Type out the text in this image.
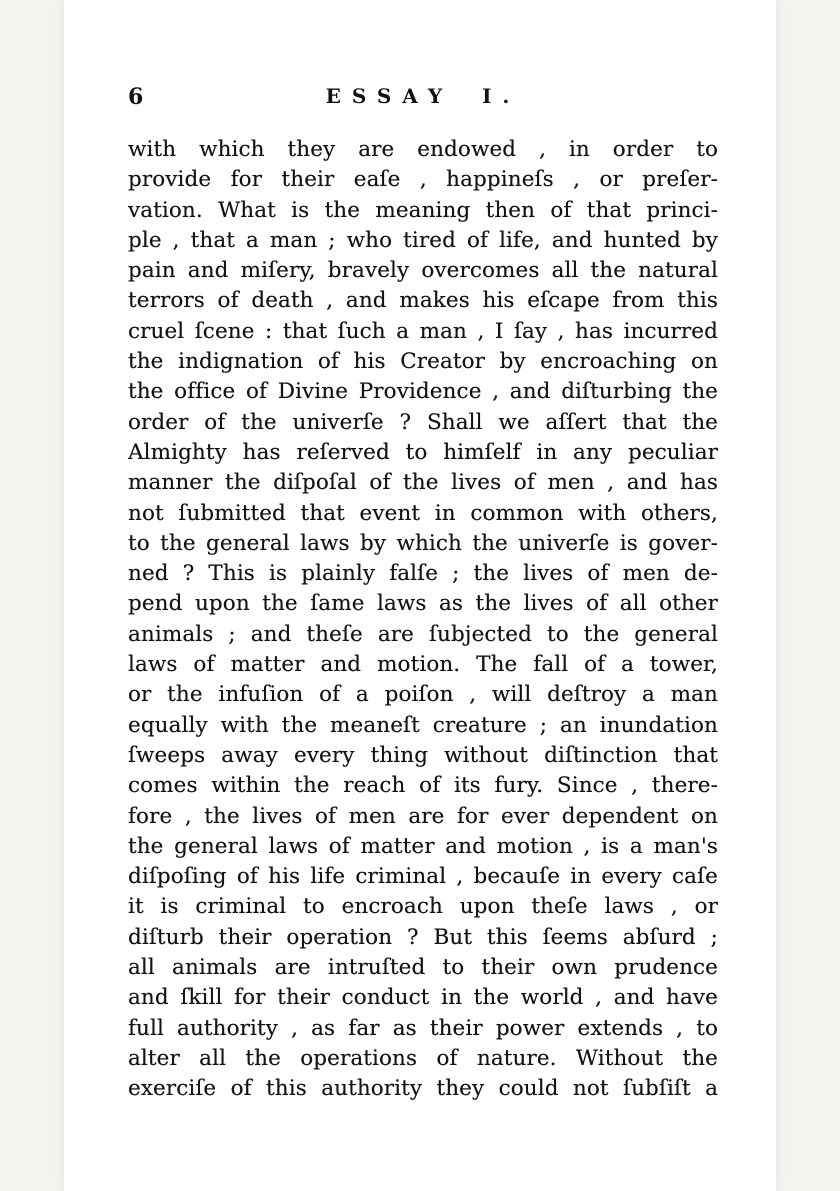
6	ESSAY I.
with which they are endowed , in order to
provide for their eaſe , happineſs , or preſer-
vation. What is the meaning then of that princi-
ple , that a man ; who tired of life, and hunted by
pain and miſery, bravely overcomes all the natural
terrors of death , and makes his eſcape from this
cruel ſcene : that ſuch a man , I ſay , has incurred
the indignation of his Creator by encroaching on
the office of Divine Providence , and diſturbing the
order of the univerſe ? Shall we aſſert that the
Almighty has reſerved to himſelf in any peculiar
manner the diſpoſal of the lives of men , and has
not ſubmitted that event in common with others,
to the general laws by which the univerſe is gover-
ned ? This is plainly falſe ; the lives of men de-
pend upon the ſame laws as the lives of all other
animals ; and theſe are ſubjected to the general
laws of matter and motion. The fall of a tower,
or the infuſion of a poiſon , will deſtroy a man
equally with the meaneſt creature ; an inundation
ſweeps away every thing without diſtinction that
comes within the reach of its fury. Since , there-
fore , the lives of men are for ever dependent on
the general laws of matter and motion , is a man's
diſpoſing of his life criminal , becauſe in every caſe
it is criminal to encroach upon theſe laws , or
diſturb their operation ? But this ſeems abſurd ;
all animals are intruſted to their own prudence
and ſkill for their conduct in the world , and have
full authority , as far as their power extends , to
alter all the operations of nature. Without the
exerciſe of this authority they could not ſubſiſt a
